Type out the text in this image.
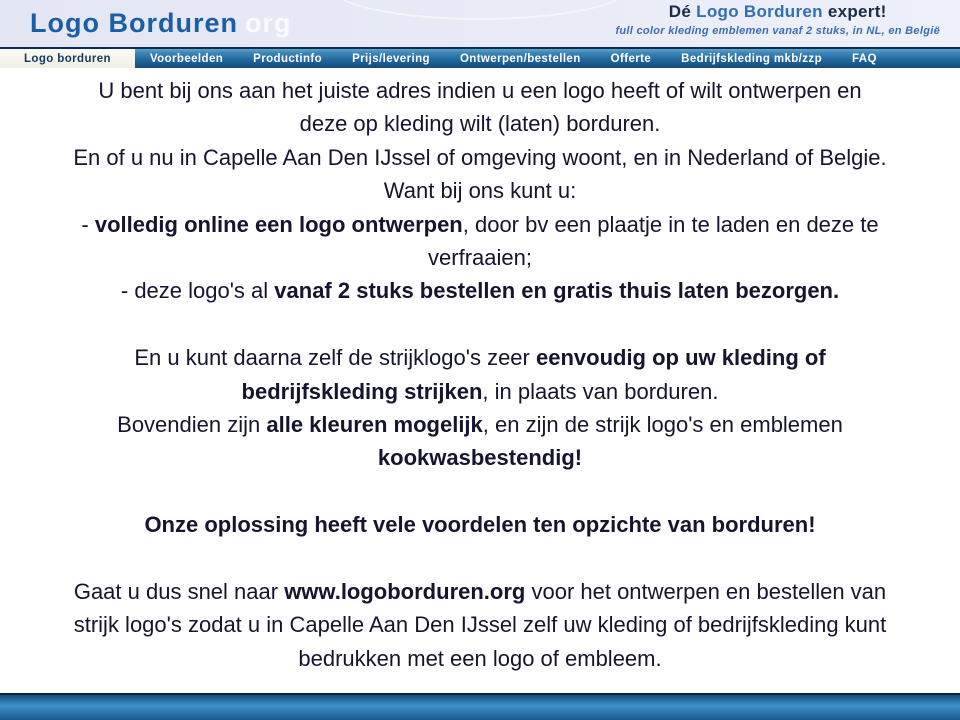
Logo Borduren org	Dé Logo Borduren expert!
full color kleding emblemen vanaf 2 stuks, in NL, en België
Logo borduren	Voorbeelden	Productinfo	Prijs/levering	Ontwerpen/bestellen	Offerte	Bedrijfskleding mkb/zzp	FAQ
U bent bij ons aan het juiste adres indien u een logo heeft of wilt ontwerpen en
deze op kleding wilt (laten) borduren.
En of u nu in Capelle Aan Den IJssel of omgeving woont, en in Nederland of Belgie.
Want bij ons kunt u:
- volledig online een logo ontwerpen, door bv een plaatje in te laden en deze te
verfraaien;
- deze logo's al vanaf 2 stuks bestellen en gratis thuis laten bezorgen.
En u kunt daarna zelf de strijklogo's zeer eenvoudig op uw kleding of
bedrijfskleding strijken, in plaats van borduren.
Bovendien zijn alle kleuren mogelijk, en zijn de strijk logo's en emblemen
kookwasbestendig!
Onze oplossing heeft vele voordelen ten opzichte van borduren!
Gaat u dus snel naar www.logoborduren.org voor het ontwerpen en bestellen van
strijk logo's zodat u in Capelle Aan Den IJssel zelf uw kleding of bedrijfskleding kunt
bedrukken met een logo of embleem.
